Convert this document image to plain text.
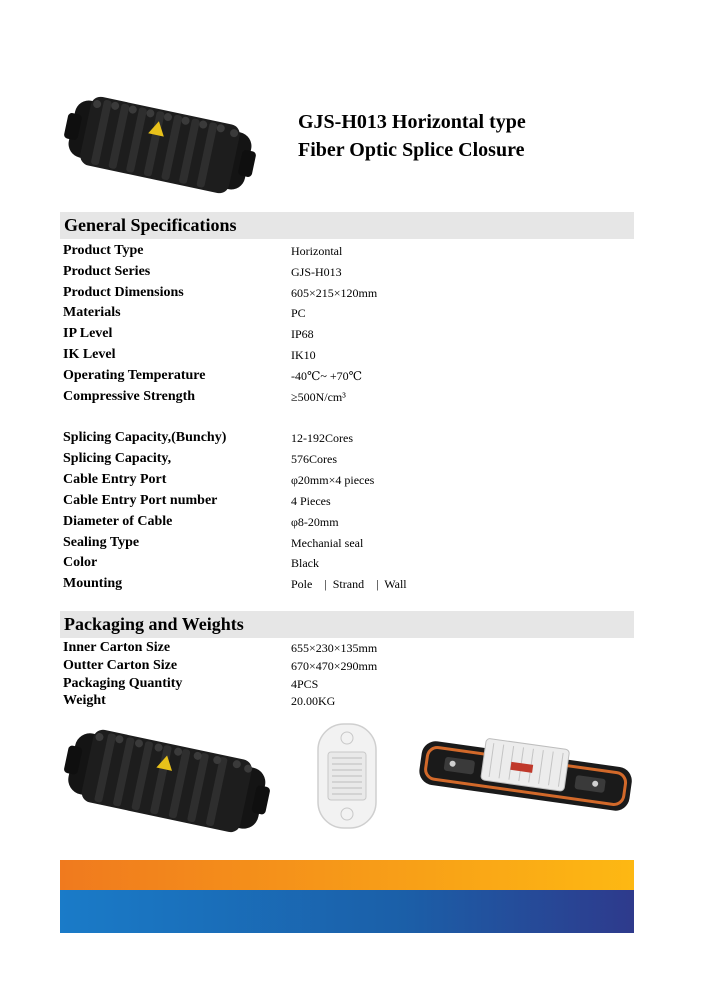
GJS-H013 Horizontal type
Fiber Optic Splice Closure
General Specifications
Product Type	Horizontal
Product Series	GJS-H013
Product Dimensions	605×215×120mm
Materials	PC
IP Level	IP68
IK Level	IK10
Operating Temperature	-40℃~ +70℃
Compressive Strength	≥500N/cm³
Splicing Capacity,(Bunchy)	12-192Cores
Splicing Capacity,	576Cores
Cable Entry Port	φ20mm×4 pieces
Cable Entry Port number	4 Pieces
Diameter of Cable	φ8-20mm
Sealing Type	Mechanial seal
Color	Black
Mounting	Pole    |  Strand    |  Wall
Packaging and Weights
Inner Carton Size	655×230×135mm
Outter Carton Size	670×470×290mm
Packaging Quantity	4PCS
Weight	20.00KG
